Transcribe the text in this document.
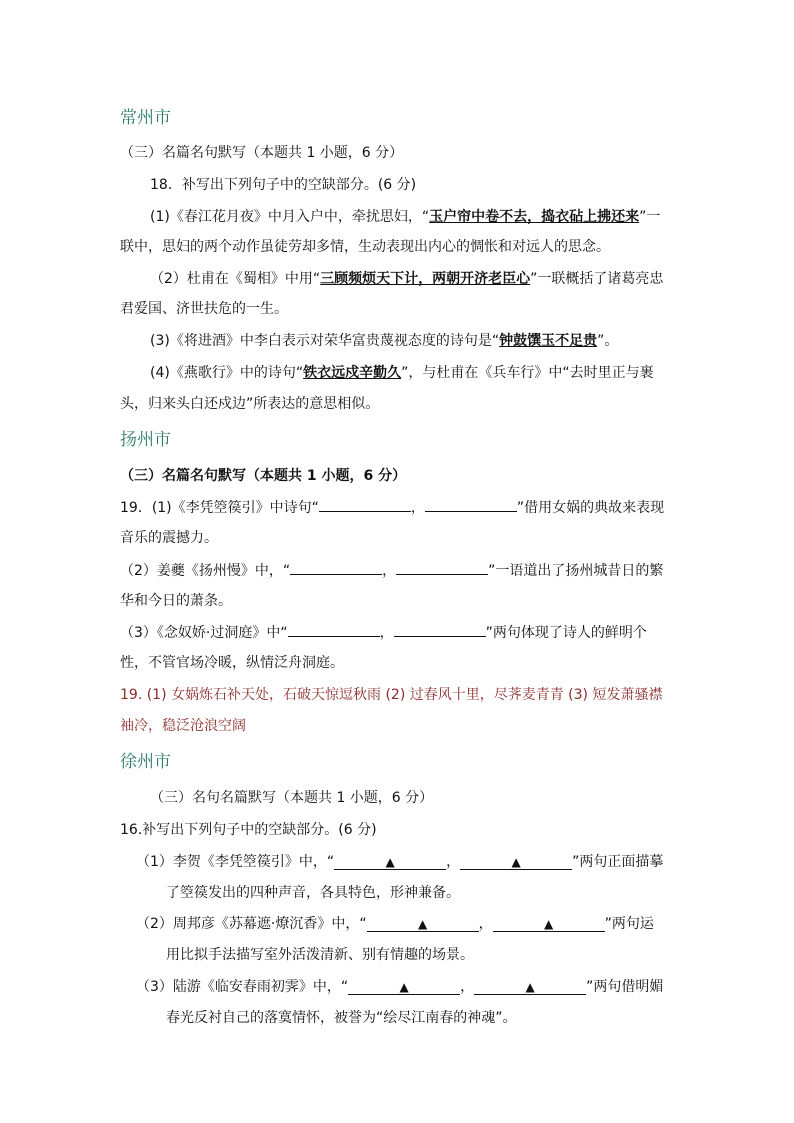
常州市
（三）名篇名句默写（本题共 1 小题，6 分）
18．补写出下列句子中的空缺部分。(6 分)
(1)《春江花月夜》中月入户中，牵扰思妇，“玉户帘中卷不去，捣衣砧上拂还来”一
联中，思妇的两个动作虽徒劳却多情，生动表现出内心的惆怅和对远人的思念。
（2）杜甫在《蜀相》中用“三顾频烦天下计，两朝开济老臣心”一联概括了诸葛亮忠
君爱国、济世扶危的一生。
(3)《将进酒》中李白表示对荣华富贵蔑视态度的诗句是“钟鼓馔玉不足贵”。
(4)《燕歌行》中的诗句“铁衣远戍辛勤久”，与杜甫在《兵车行》中“去时里正与裹
头，归来头白还戍边”所表达的意思相似。
扬州市
（三）名篇名句默写（本题共 1 小题，6 分）
19．(1)《李凭箜篌引》中诗句“	，	”借用女娲的典故来表现
音乐的震撼力。
（2）姜夔《扬州慢》中，“	，	”一语道出了扬州城昔日的繁
华和今日的萧条。
（3）《念奴娇·过洞庭》中“	，	”两句体现了诗人的鲜明个
性，不管官场冷暖，纵情泛舟洞庭。
19. (1) 女娲炼石补天处，石破天惊逗秋雨 (2) 过春风十里，尽荠麦青青 (3) 短发萧骚襟
袖冷，稳泛沧浪空阔
徐州市
（三）名句名篇默写（本题共 1 小题，6 分）
16.补写出下列句子中的空缺部分。(6 分)
（1）李贺《李凭箜篌引》中，“	▲	，	▲	”两句正面描摹
了箜篌发出的四种声音，各具特色，形神兼备。
（2）周邦彦《苏幕遮·燎沉香》中，“	▲	，	▲	”两句运
用比拟手法描写室外活泼清新、别有情趣的场景。
（3）陆游《临安春雨初霁》中，“	▲	，	▲	”两句借明媚
春光反衬自己的落寞情怀，被誉为“绘尽江南春的神魂”。
